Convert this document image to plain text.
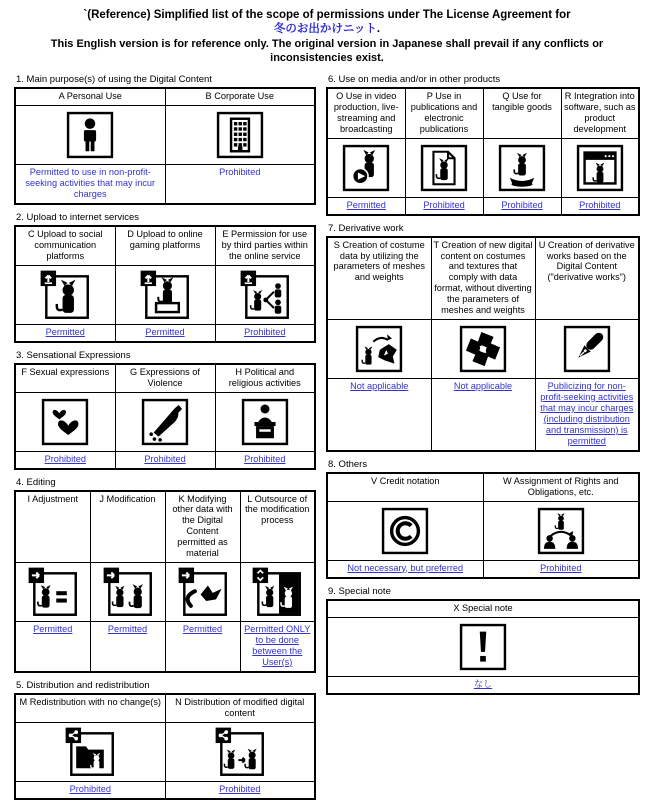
`(Reference) Simplified list of the scope of permissions under The License Agreement for
冬のお出かけニット.
This English version is for reference only. The original version in Japanese shall prevail if any conflicts or inconsistencies exist.
1. Main purpose(s) of using the Digital Content
A Personal Use	B Corporate Use

Permitted to use in non-profit-seeking activities that may incur charges	Prohibited
2. Upload to internet services
C Upload to social communication platforms	D Upload to online gaming platforms	E Permission for use by third parties within the online service

Permitted	Permitted	Prohibited
3. Sensational Expressions
F Sexual expressions	G Expressions of Violence	H Political and religious activities

Prohibited	Prohibited	Prohibited
4. Editing
I Adjustment	J Modification	K Modifying other data with the Digital Content permitted as material	L Outsource of the modification process

Permitted	Permitted	Permitted	Permitted ONLY to be done between the User(s)
5. Distribution and redistribution
M Redistribution with no change(s)	N Distribution of modified digital content

Prohibited	Prohibited
6. Use on media and/or in other products
O Use in video production, live-streaming and broadcasting	P Use in publications and electronic publications	Q Use for tangible goods	R Integration into software, such as product development

Permitted	Prohibited	Prohibited	Prohibited
7. Derivative work
S Creation of costume data by utilizing the parameters of meshes and weights	T Creation of new digital content on costumes and textures that comply with data format, without diverting the parameters of meshes and weights	U Creation of derivative works based on the Digital Content ("derivative works")

Not applicable	Not applicable	Publicizing for non-profit-seeking activities that may incur charges (including distribution and transmission) is permitted
8. Others
V Credit notation	W Assignment of Rights and Obligations, etc.

Not necessary, but preferred	Prohibited
9. Special note
X Special note

なし
